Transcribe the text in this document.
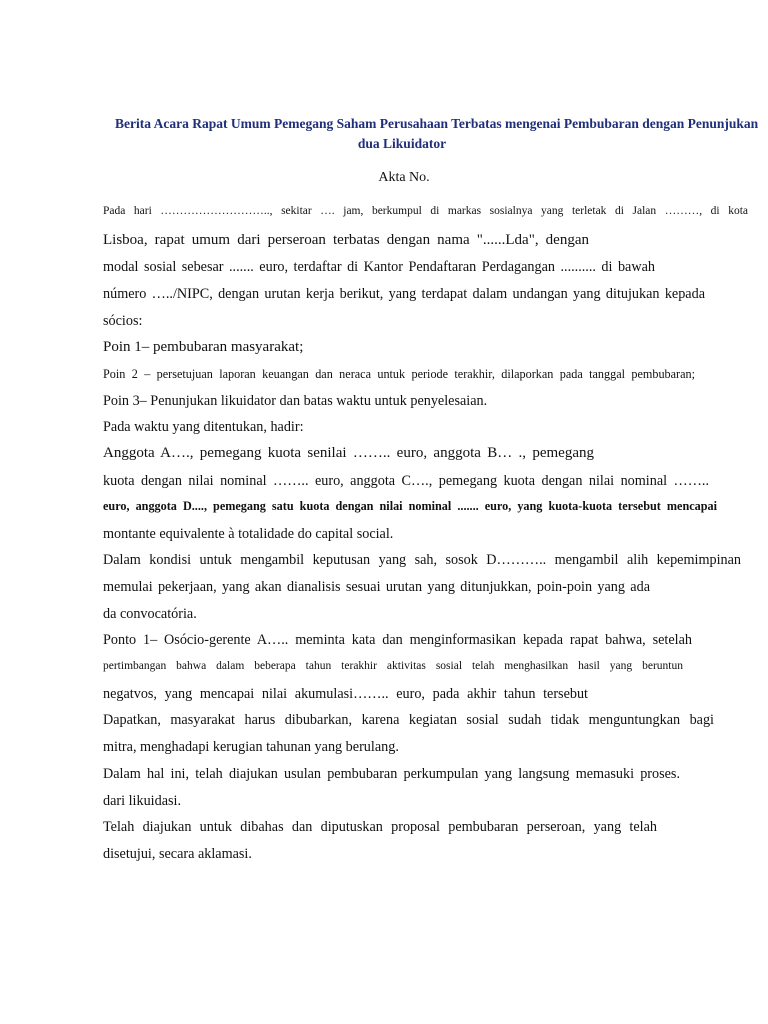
Berita Acara Rapat Umum Pemegang Saham Perusahaan Terbatas mengenai Pembubaran dengan Penunjukan
dua Likuidator
Akta No.
Pada hari ……………………….., sekitar …. jam, berkumpul di markas sosialnya yang terletak di Jalan ………, di kota
Lisboa, rapat umum dari perseroan terbatas dengan nama "......Lda", dengan
modal sosial sebesar ....... euro, terdaftar di Kantor Pendaftaran Perdagangan .......... di bawah
número …../NIPC, dengan urutan kerja berikut, yang terdapat dalam undangan yang ditujukan kepada
sócios:
Poin 1– pembubaran masyarakat;
Poin 2 – persetujuan laporan keuangan dan neraca untuk periode terakhir, dilaporkan pada tanggal pembubaran;
Poin 3– Penunjukan likuidator dan batas waktu untuk penyelesaian.
Pada waktu yang ditentukan, hadir:
Anggota A…., pemegang kuota senilai …….. euro, anggota B… ., pemegang
kuota dengan nilai nominal …….. euro, anggota C…., pemegang kuota dengan nilai nominal ……..
euro, anggota D...., pemegang satu kuota dengan nilai nominal ....... euro, yang kuota-kuota tersebut mencapai
montante equivalente à totalidade do capital social.
Dalam kondisi untuk mengambil keputusan yang sah, sosok D……….. mengambil alih kepemimpinan
memulai pekerjaan, yang akan dianalisis sesuai urutan yang ditunjukkan, poin-poin yang ada
da convocatória.
Ponto 1– Osócio-gerente A….. meminta kata dan menginformasikan kepada rapat bahwa, setelah
pertimbangan bahwa dalam beberapa tahun terakhir aktivitas sosial telah menghasilkan hasil yang beruntun
negatvos, yang mencapai nilai akumulasi…….. euro, pada akhir tahun tersebut
Dapatkan, masyarakat harus dibubarkan, karena kegiatan sosial sudah tidak menguntungkan bagi
mitra, menghadapi kerugian tahunan yang berulang.
Dalam hal ini, telah diajukan usulan pembubaran perkumpulan yang langsung memasuki proses.
dari likuidasi.
Telah diajukan untuk dibahas dan diputuskan proposal pembubaran perseroan, yang telah
disetujui, secara aklamasi.
